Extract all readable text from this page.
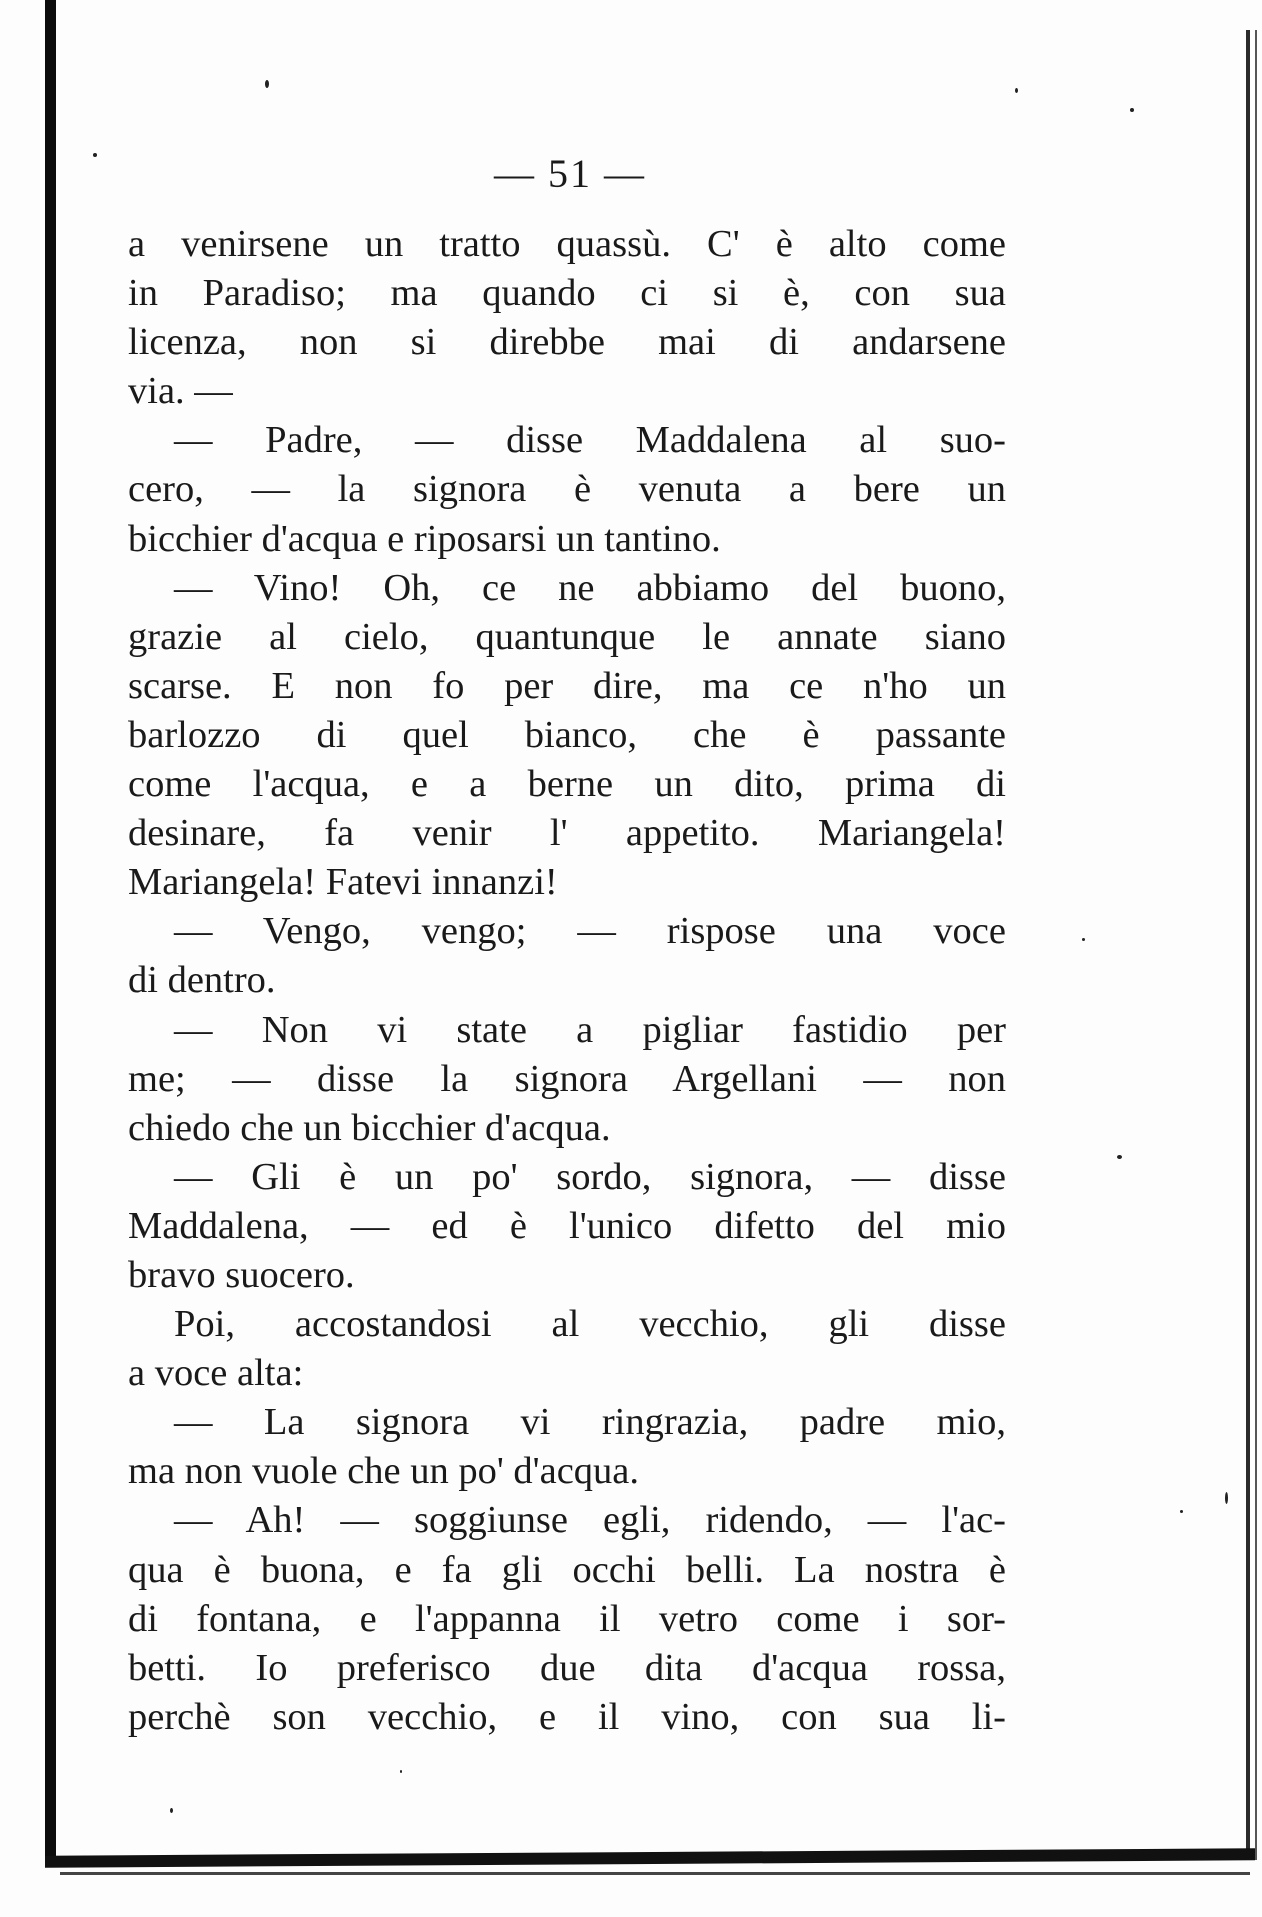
— 51 —
a venirsene un tratto quassù. C' è alto come
in Paradiso; ma quando ci si è, con sua
licenza, non si direbbe mai di andarsene
via. —
— Padre, — disse Maddalena al suo-
cero, — la signora è venuta a bere un
bicchier d'acqua e riposarsi un tantino.
— Vino! Oh, ce ne abbiamo del buono,
grazie al cielo, quantunque le annate siano
scarse. E non fo per dire, ma ce n'ho un
barlozzo di quel bianco, che è passante
come l'acqua, e a berne un dito, prima di
desinare, fa venir l' appetito. Mariangela!
Mariangela! Fatevi innanzi!
— Vengo, vengo; — rispose una voce
di dentro.
— Non vi state a pigliar fastidio per
me; — disse la signora Argellani — non
chiedo che un bicchier d'acqua.
— Gli è un po' sordo, signora, — disse
Maddalena, — ed è l'unico difetto del mio
bravo suocero.
Poi, accostandosi al vecchio, gli disse
a voce alta:
— La signora vi ringrazia, padre mio,
ma non vuole che un po' d'acqua.
— Ah! — soggiunse egli, ridendo, — l'ac-
qua è buona, e fa gli occhi belli. La nostra è
di fontana, e l'appanna il vetro come i sor-
betti. Io preferisco due dita d'acqua rossa,
perchè son vecchio, e il vino, con sua li-
